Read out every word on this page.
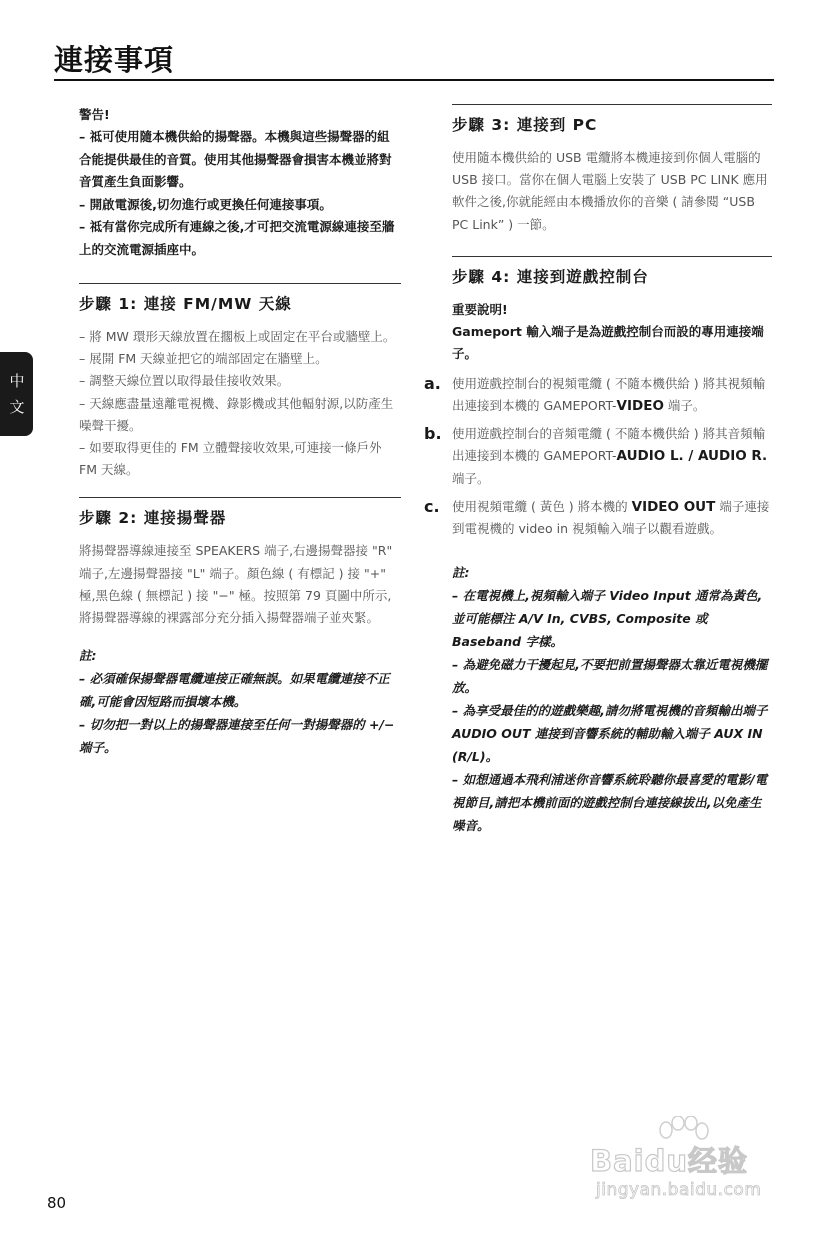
連接事項
中文
警告!
– 祗可使用隨本機供給的揚聲器。本機與這些揚聲器的組合能提供最佳的音質。使用其他揚聲器會損害本機並將對音質產生負面影響。
– 開啟電源後,切勿進行或更換任何連接事項。
– 祗有當你完成所有連線之後,才可把交流電源線連接至牆上的交流電源插座中。
步驟 1: 連接 FM/MW 天線
– 將 MW 環形天線放置在擱板上或固定在平台或牆壁上。
– 展開 FM 天線並把它的端部固定在牆壁上。
– 調整天線位置以取得最佳接收效果。
– 天線應盡量遠離電視機、錄影機或其他輻射源,以防產生噪聲干擾。
– 如要取得更佳的 FM 立體聲接收效果,可連接一條戶外 FM 天線。
步驟 2: 連接揚聲器
將揚聲器導線連接至 SPEAKERS 端子,右邊揚聲器接 "R" 端子,左邊揚聲器接 "L" 端子。顏色線 ( 有標記 ) 接 "+" 極,黑色線 ( 無標記 ) 接 "−" 極。按照第 79 頁圖中所示,將揚聲器導線的裸露部分充分插入揚聲器端子並夾緊。
註:
– 必須確保揚聲器電纜連接正確無誤。如果電纜連接不正確,可能會因短路而損壞本機。
– 切勿把一對以上的揚聲器連接至任何一對揚聲器的 +/− 端子。
步驟 3: 連接到 PC
使用隨本機供給的 USB 電纜將本機連接到你個人電腦的 USB 接口。當你在個人電腦上安裝了 USB PC LINK 應用軟件之後,你就能經由本機播放你的音樂 ( 請參閱 “USB PC Link” ) 一節。
步驟 4: 連接到遊戲控制台
重要說明!
Gameport 輸入端子是為遊戲控制台而設的專用連接端子。
a. 使用遊戲控制台的視頻電纜 ( 不隨本機供給 ) 將其視頻輸出連接到本機的 GAMEPORT-VIDEO 端子。
b. 使用遊戲控制台的音頻電纜 ( 不隨本機供給 ) 將其音頻輸出連接到本機的 GAMEPORT-AUDIO L. / AUDIO R. 端子。
c. 使用視頻電纜 ( 黃色 ) 將本機的 VIDEO OUT 端子連接到電視機的 video in 視頻輸入端子以觀看遊戲。
註:
– 在電視機上,視頻輸入端子 Video Input 通常為黃色,並可能標注 A/V In, CVBS, Composite 或 Baseband 字樣。
– 為避免磁力干擾起見,不要把前置揚聲器太靠近電視機擺放。
– 為享受最佳的的遊戲樂趣,請勿將電視機的音頻輸出端子 AUDIO OUT 連接到音響系統的輔助輸入端子 AUX IN (R/L)。
– 如想通過本飛利浦迷你音響系統聆聽你最喜愛的電影/電視節目,請把本機前面的遊戲控制台連接線拔出,以免產生噪音。
80
Baidu经验
jingyan.baidu.com
